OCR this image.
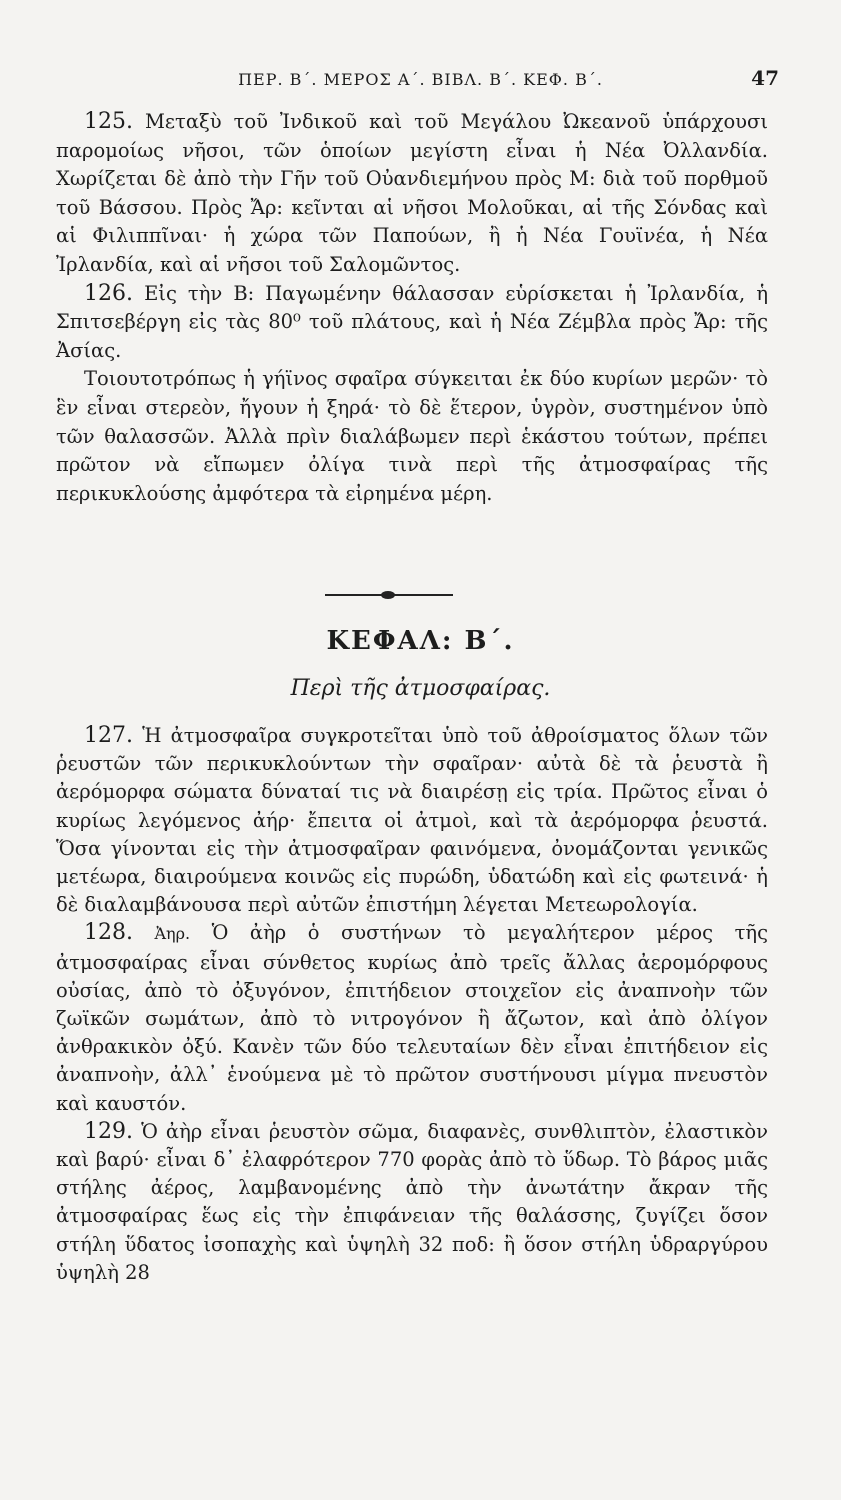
ΠΕΡ. Β΄. ΜΕΡΟΣ Α΄. ΒΙΒΛ. Β΄. ΚΕΦ. Β΄.	47

125. Μεταξὺ τοῦ Ἰνδικοῦ καὶ τοῦ Μεγάλου Ὠκεανοῦ ὑπάρχουσι παρομοίως νῆσοι, τῶν ὁποίων μεγίστη εἶναι ἡ Νέα Ὀλλανδία. Χωρίζεται δὲ ἀπὸ τὴν Γῆν τοῦ Οὐανδιεμήνου πρὸς Μ: διὰ τοῦ πορθμοῦ τοῦ Βάσσου. Πρὸς Ἄρ: κεῖνται αἱ νῆσοι Μολοῦκαι, αἱ τῆς Σόνδας καὶ αἱ Φιλιππῖναι· ἡ χώρα τῶν Παπούων, ἢ ἡ Νέα Γουϊνέα, ἡ Νέα Ἰρλανδία, καὶ αἱ νῆσοι τοῦ Σαλομῶντος.

126. Εἰς τὴν Β: Παγωμένην θάλασσαν εὑρίσκεται ἡ Ἰρλανδία, ἡ Σπιτσεβέργη εἰς τὰς 80⁰ τοῦ πλάτους, καὶ ἡ Νέα Ζέμβλα πρὸς Ἄρ: τῆς Ἀσίας.

Τοιουτοτρόπως ἡ γήϊνος σφαῖρα σύγκειται ἐκ δύο κυρίων μερῶν· τὸ ἓν εἶναι στερεὸν, ἤγουν ἡ ξηρά· τὸ δὲ ἕτερον, ὑγρὸν, συστημένον ὑπὸ τῶν θαλασσῶν. Ἀλλὰ πρὶν διαλάβωμεν περὶ ἑκάστου τούτων, πρέπει πρῶτον νὰ εἴπωμεν ὀλίγα τινὰ περὶ τῆς ἀτμοσφαίρας τῆς περικυκλούσης ἀμφότερα τὰ εἰρημένα μέρη.

ΚΕΦΑΛ: Β΄.
Περὶ τῆς ἀτμοσφαίρας.

127. Ἡ ἀτμοσφαῖρα συγκροτεῖται ὑπὸ τοῦ ἀθροίσματος ὅλων τῶν ῥευστῶν τῶν περικυκλούντων τὴν σφαῖραν· αὐτὰ δὲ τὰ ῥευστὰ ἢ ἀερόμορφα σώματα δύναταί τις νὰ διαιρέσῃ εἰς τρία. Πρῶτος εἶναι ὁ κυρίως λεγόμενος ἀήρ· ἔπειτα οἱ ἀτμοὶ, καὶ τὰ ἀερόμορφα ῥευστά. Ὅσα γίνονται εἰς τὴν ἀτμοσφαῖραν φαινόμενα, ὀνομάζονται γενικῶς μετέωρα, διαιρούμενα κοινῶς εἰς πυρώδη, ὑδατώδη καὶ εἰς φωτεινά· ἡ δὲ διαλαμβάνουσα περὶ αὐτῶν ἐπιστήμη λέγεται Μετεωρολογία.

128. Ἀηρ. Ὁ ἀὴρ ὁ συστήνων τὸ μεγαλήτερον μέρος τῆς ἀτμοσφαίρας εἶναι σύνθετος κυρίως ἀπὸ τρεῖς ἄλλας ἀερομόρφους οὐσίας, ἀπὸ τὸ ὀξυγόνον, ἐπιτήδειον στοιχεῖον εἰς ἀναπνοὴν τῶν ζωϊκῶν σωμάτων, ἀπὸ τὸ νιτρογόνον ἢ ἄζωτον, καὶ ἀπὸ ὀλίγον ἀνθρακικὸν ὀξύ. Κανὲν τῶν δύο τελευταίων δὲν εἶναι ἐπιτήδειον εἰς ἀναπνοὴν, ἀλλ᾽ ἑνούμενα μὲ τὸ πρῶτον συστήνουσι μίγμα πνευστὸν καὶ καυστόν.

129. Ὁ ἀὴρ εἶναι ῥευστὸν σῶμα, διαφανὲς, συνθλιπτὸν, ἐλαστικὸν καὶ βαρύ· εἶναι δ᾽ ἐλαφρότερον 770 φορὰς ἀπὸ τὸ ὕδωρ. Τὸ βάρος μιᾶς στήλης ἀέρος, λαμβανομένης ἀπὸ τὴν ἀνωτάτην ἄκραν τῆς ἀτμοσφαίρας ἕως εἰς τὴν ἐπιφάνειαν τῆς θαλάσσης, ζυγίζει ὅσον στήλη ὕδατος ἰσοπαχὴς καὶ ὑψηλὴ 32 ποδ: ἢ ὅσον στήλη ὑδραργύρου ὑψηλὴ 28
